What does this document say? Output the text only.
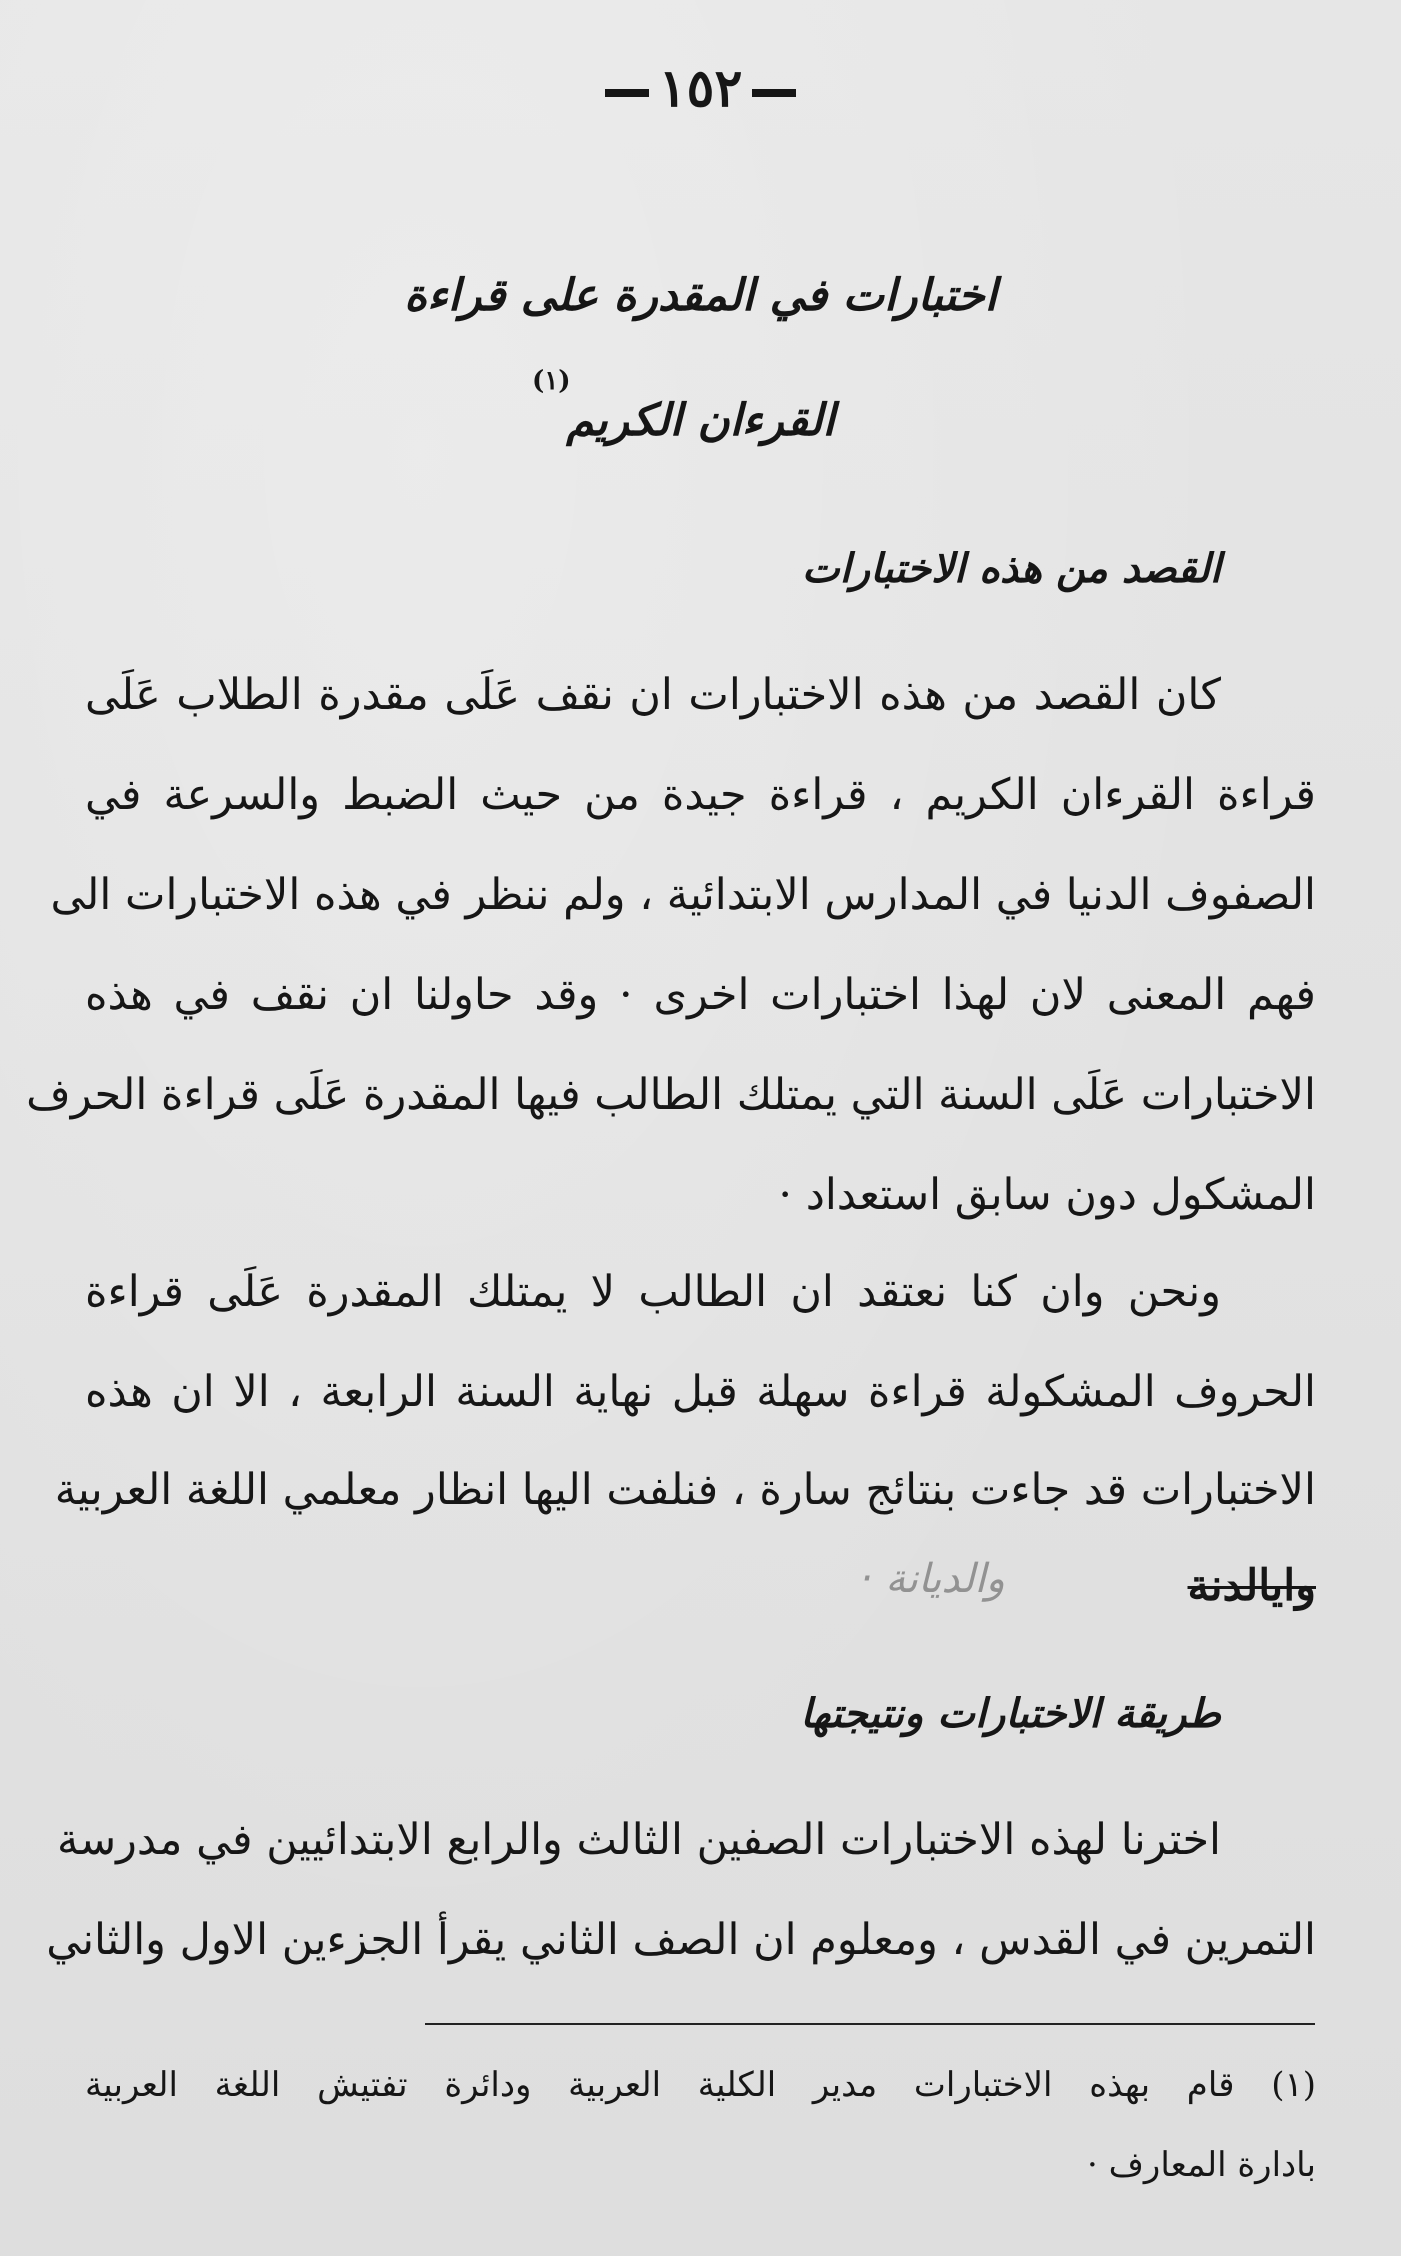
١٥٢
اختبارات في المقدرة على قراءة
(١)
القرءان الكريم
القصد من هذه الاختبارات
كان القصد من هذه الاختبارات ان نقف عَلَى مقدرة الطلاب عَلَى
قراءة القرءان الكريم ، قراءة جيدة من حيث الضبط والسرعة في
الصفوف الدنيا في المدارس الابتدائية ، ولم ننظر في هذه الاختبارات الى
فهم المعنى لان لهذا اختبارات اخرى · وقد حاولنا ان نقف في هذه
الاختبارات عَلَى السنة التي يمتلك الطالب فيها المقدرة عَلَى قراءة الحرف
المشكول دون سابق استعداد ·
ونحن وان كنا نعتقد ان الطالب لا يمتلك المقدرة عَلَى قراءة
الحروف المشكولة قراءة سهلة قبل نهاية السنة الرابعة ، الا ان هذه
الاختبارات قد جاءت بنتائج سارة ، فنلفت اليها انظار معلمي اللغة العربية
وايالدنة
والديانة ·
طريقة الاختبارات ونتيجتها
اخترنا لهذه الاختبارات الصفين الثالث والرابع الابتدائيين في مدرسة
التمرين في القدس ، ومعلوم ان الصف الثاني يقرأ الجزءين الاول والثاني
(١) قام بهذه الاختبارات مدير الكلية العربية ودائرة تفتيش اللغة العربية
بادارة المعارف ·
